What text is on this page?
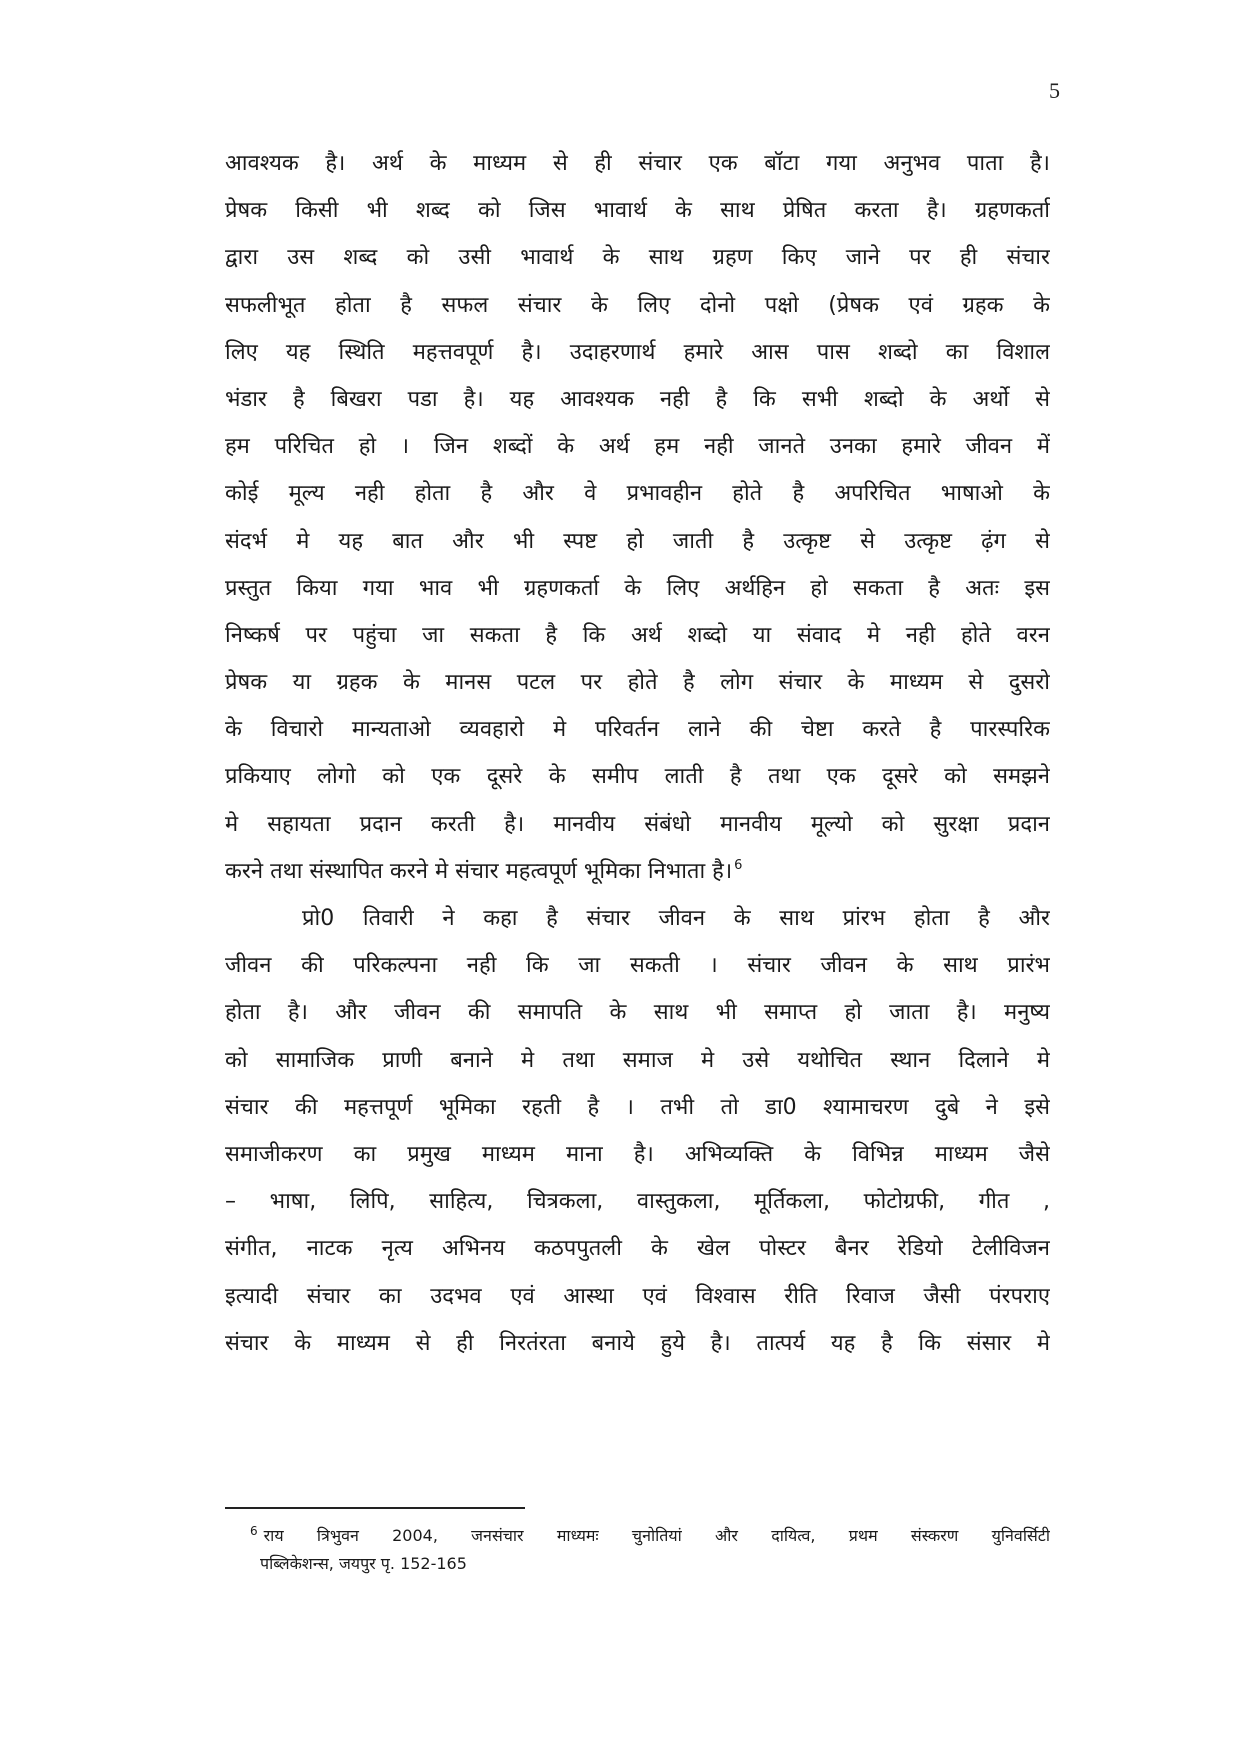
5
आवश्यक है। अर्थ के माध्यम से ही संचार एक बॉटा गया अनुभव पाता है।
प्रेषक किसी भी शब्द को जिस भावार्थ के साथ प्रेषित करता है। ग्रहणकर्ता
द्वारा उस शब्द को उसी भावार्थ के साथ ग्रहण किए जाने पर ही संचार
सफलीभूत होता है सफल संचार के लिए दोनो पक्षो (प्रेषक एवं ग्रहक के
लिए यह स्थिति महत्तवपूर्ण है। उदाहरणार्थ हमारे आस पास शब्दो का विशाल
भंडार है बिखरा पडा है। यह आवश्यक नही है कि सभी शब्दो के अर्थो से
हम परिचित हो । जिन शब्दों के अर्थ हम नही जानते उनका हमारे जीवन में
कोई मूल्य नही होता है और वे प्रभावहीन होते है अपरिचित भाषाओ के
संदर्भ मे यह बात और भी स्पष्ट हो जाती है उत्कृष्ट से उत्कृष्ट ढ़ंग से
प्रस्तुत किया गया भाव भी ग्रहणकर्ता के लिए अर्थहिन हो सकता है अतः इस
निष्कर्ष पर पहुंचा जा सकता है कि अर्थ शब्दो या संवाद मे नही होते वरन
प्रेषक या ग्रहक के मानस पटल पर होते है लोग संचार के माध्यम से दुसरो
के विचारो मान्यताओ व्यवहारो मे परिवर्तन लाने की चेष्टा करते है पारस्परिक
प्रकियाए लोगो को एक दूसरे के समीप लाती है तथा एक दूसरे को समझने
मे सहायता प्रदान करती है। मानवीय संबंधो मानवीय मूल्यो को सुरक्षा प्रदान
करने तथा संस्थापित करने मे संचार महत्वपूर्ण भूमिका निभाता है। $^6$
प्रो0 तिवारी ने कहा है संचार जीवन के साथ प्रांरभ होता है और
जीवन की परिकल्पना नही कि जा सकती । संचार जीवन के साथ प्रारंभ
होता है। और जीवन की समापति के साथ भी समाप्त हो जाता है। मनुष्य
को सामाजिक प्राणी बनाने मे तथा समाज मे उसे यथोचित स्थान दिलाने मे
संचार की महत्तपूर्ण भूमिका रहती है । तभी तो डा0 श्यामाचरण दुबे ने इसे
समाजीकरण का प्रमुख माध्यम माना है। अभिव्यक्ति के विभिन्न माध्यम जैसे
– भाषा, लिपि, साहित्य, चित्रकला, वास्तुकला, मूर्तिकला, फोटोग्रफी, गीत ,
संगीत, नाटक नृत्य अभिनय कठपपुतली के खेल पोस्टर बैनर रेडियो टेलीविजन
इत्यादी संचार का उदभव एवं आस्था एवं विश्वास रीति रिवाज जैसी पंरपराए
संचार के माध्यम से ही निरतंरता बनाये हुये है। तात्पर्य यह है कि संसार मे
$^6$ राय त्रिभुवन 2004, जनसंचार माध्यमः चुनोतियां और दायित्व, प्रथम संस्करण युनिवर्सिटी
पब्लिकेशन्स, जयपुर पृ. 152-165
